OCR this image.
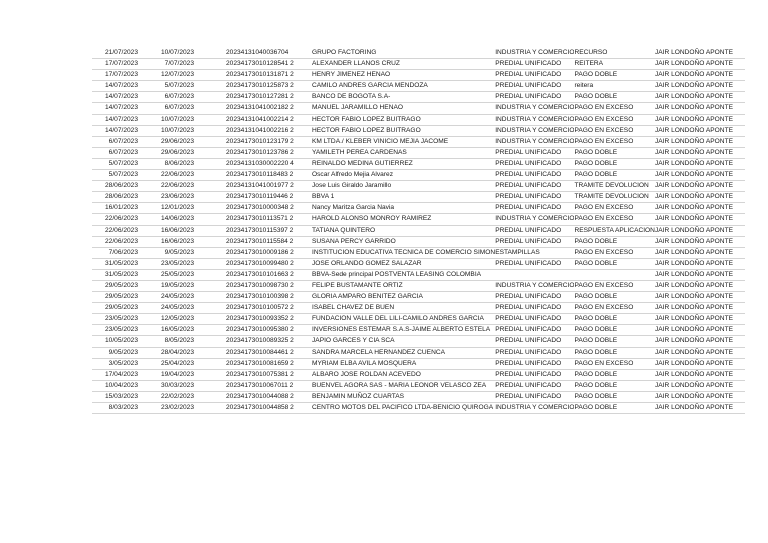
21/07/2023	10/07/2023	20234131040036704	GRUPO FACTORING	INDUSTRIA Y COMERCIO	RECURSO	JAIR LONDOÑO APONTE
17/07/2023	7/07/2023	20234173010128541 2	ALEXANDER LLANOS CRUZ	PREDIAL UNIFICADO	REITERA	JAIR LONDOÑO APONTE
17/07/2023	12/07/2023	20234173010131871 2	HENRY JIMENEZ HENAO	PREDIAL UNIFICADO	PAGO DOBLE	JAIR LONDOÑO APONTE
14/07/2023	5/07/2023	20234173010125873 2	CAMILO ANDRES GARCIA MENDOZA	PREDIAL UNIFICADO	reitera	JAIR LONDOÑO APONTE
14/07/2023	6/07/2023	20234173010127281 2	BANCO DE BOGOTA S.A-	PREDIAL UNIFICADO	PAGO DOBLE	JAIR LONDOÑO APONTE
14/07/2023	6/07/2023	20234131041002182 2	MANUEL JARAMILLO HENAO	INDUSTRIA Y COMERCIO	PAGO EN EXCESO	JAIR LONDOÑO APONTE
14/07/2023	10/07/2023	20234131041002214 2	HECTOR FABIO LOPEZ BUITRAGO	INDUSTRIA Y COMERCIO	PAGO EN EXCESO	JAIR LONDOÑO APONTE
14/07/2023	10/07/2023	20234131041002216 2	HECTOR FABIO LOPEZ BUITRAGO	INDUSTRIA Y COMERCIO	PAGO EN EXCESO	JAIR LONDOÑO APONTE
6/07/2023	29/06/2023	20234173010123179 2	KM LTDA./ KLEBER VINICIO MEJIA JACOME	INDUSTRIA Y COMERCIO	PAGO EN EXCESO	JAIR LONDOÑO APONTE
6/07/2023	29/06/2023	20234173010123786 2	YAMILETH PEREA CARDENAS	PREDIAL UNIFICADO	PAGO DOBLE	JAIR LONDOÑO APONTE
5/07/2023	8/06/2023	20234131030002220 4	REINALDO MEDINA GUTIERREZ	PREDIAL UNIFICADO	PAGO DOBLE	JAIR LONDOÑO APONTE
5/07/2023	22/06/2023	20234173010118483 2	Oscar Alfredo Mejia Alvarez	PREDIAL UNIFICADO	PAGO DOBLE	JAIR LONDOÑO APONTE
28/06/2023	22/06/2023	20234131041001977 2	Jose Luis Giraldo Jaramillo	PREDIAL UNIFICADO	TRAMITE DEVOLUCION	JAIR LONDOÑO APONTE
28/06/2023	23/06/2023	20234173010119446 2	BBVA 1	PREDIAL UNIFICADO	TRAMITE DEVOLUCION	JAIR LONDOÑO APONTE
16/01/2023	12/01/2023	20234173010000348 2	Nancy Maritza Garcia Navia	PREDIAL UNIFICADO	PAGO EN EXCESO	JAIR LONDOÑO APONTE
22/06/2023	14/06/2023	20234173010113571 2	HAROLD ALONSO MONROY RAMIREZ	INDUSTRIA Y COMERCIO	PAGO EN EXCESO	JAIR LONDOÑO APONTE
22/06/2023	16/06/2023	20234173010115397 2	TATIANA QUINTERO	PREDIAL UNIFICADO	RESPUESTA APLICACION	JAIR LONDOÑO APONTE
22/06/2023	16/06/2023	20234173010115584 2	SUSANA PERCY GARRIDO	PREDIAL UNIFICADO	PAGO DOBLE	JAIR LONDOÑO APONTE
7/06/2023	9/05/2023	20234173010009186 2	INSTITUCION EDUCATIVA TECNICA DE COMERCIO SIMON	ESTAMPILLAS	PAGO EN EXCESO	JAIR LONDOÑO APONTE
31/05/2023	23/05/2023	20234173010099480 2	JOSE ORLANDO GOMEZ SALAZAR	PREDIAL UNIFICADO	PAGO DOBLE	JAIR LONDOÑO APONTE
31/05/2023	25/05/2023	20234173010101663 2	BBVA-Sede principal POSTVENTA LEASING COLOMBIA			JAIR LONDOÑO APONTE
29/05/2023	19/05/2023	20234173010098730 2	FELIPE BUSTAMANTE ORTIZ	INDUSTRIA Y COMERCIO	PAGO EN EXCESO	JAIR LONDOÑO APONTE
29/05/2023	24/05/2023	20234173010100398 2	GLORIA AMPARO BENITEZ GARCIA	PREDIAL UNIFICADO	PAGO DOBLE	JAIR LONDOÑO APONTE
29/05/2023	24/05/2023	20234173010100572 2	ISABEL CHAVEZ DE BUEN	PREDIAL UNIFICADO	PAGO EN EXCESO	JAIR LONDOÑO APONTE
23/05/2023	12/05/2023	20234173010093352 2	FUNDACION VALLE DEL LILI-CAMILO ANDRES GARCIA	PREDIAL UNIFICADO	PAGO DOBLE	JAIR LONDOÑO APONTE
23/05/2023	16/05/2023	20234173010095380 2	INVERSIONES ESTEMAR S.A.S-JAIME ALBERTO ESTELA	PREDIAL UNIFICADO	PAGO DOBLE	JAIR LONDOÑO APONTE
10/05/2023	8/05/2023	20234173010089325 2	JAPIO GARCES Y CIA SCA	PREDIAL UNIFICADO	PAGO DOBLE	JAIR LONDOÑO APONTE
9/05/2023	28/04/2023	20234173010084461 2	SANDRA MARCELA HERNANDEZ CUENCA	PREDIAL UNIFICADO	PAGO DOBLE	JAIR LONDOÑO APONTE
3/05/2023	25/04/2023	20234173010081659 2	MYRIAM ELBA AVILA MOSQUERA	PREDIAL UNIFICADO	PAGO EN EXCESO	JAIR LONDOÑO APONTE
17/04/2023	19/04/2023	20234173010075381 2	ALBARO JOSE ROLDAN ACEVEDO	PREDIAL UNIFICADO	PAGO DOBLE	JAIR LONDOÑO APONTE
10/04/2023	30/03/2023	20234173010067011 2	BUENVEL AGORA SAS - MARIA LEONOR VELASCO ZEA	PREDIAL UNIFICADO	PAGO DOBLE	JAIR LONDOÑO APONTE
15/03/2023	22/02/2023	20234173010044088 2	BENJAMIN MUÑOZ CUARTAS	PREDIAL UNIFICADO	PAGO DOBLE	JAIR LONDOÑO APONTE
8/03/2023	23/02/2023	20234173010044858 2	CENTRO MOTOS DEL PACIFICO LTDA-BENICIO QUIROGA	INDUSTRIA Y COMERCIO	PAGO DOBLE	JAIR LONDOÑO APONTE
